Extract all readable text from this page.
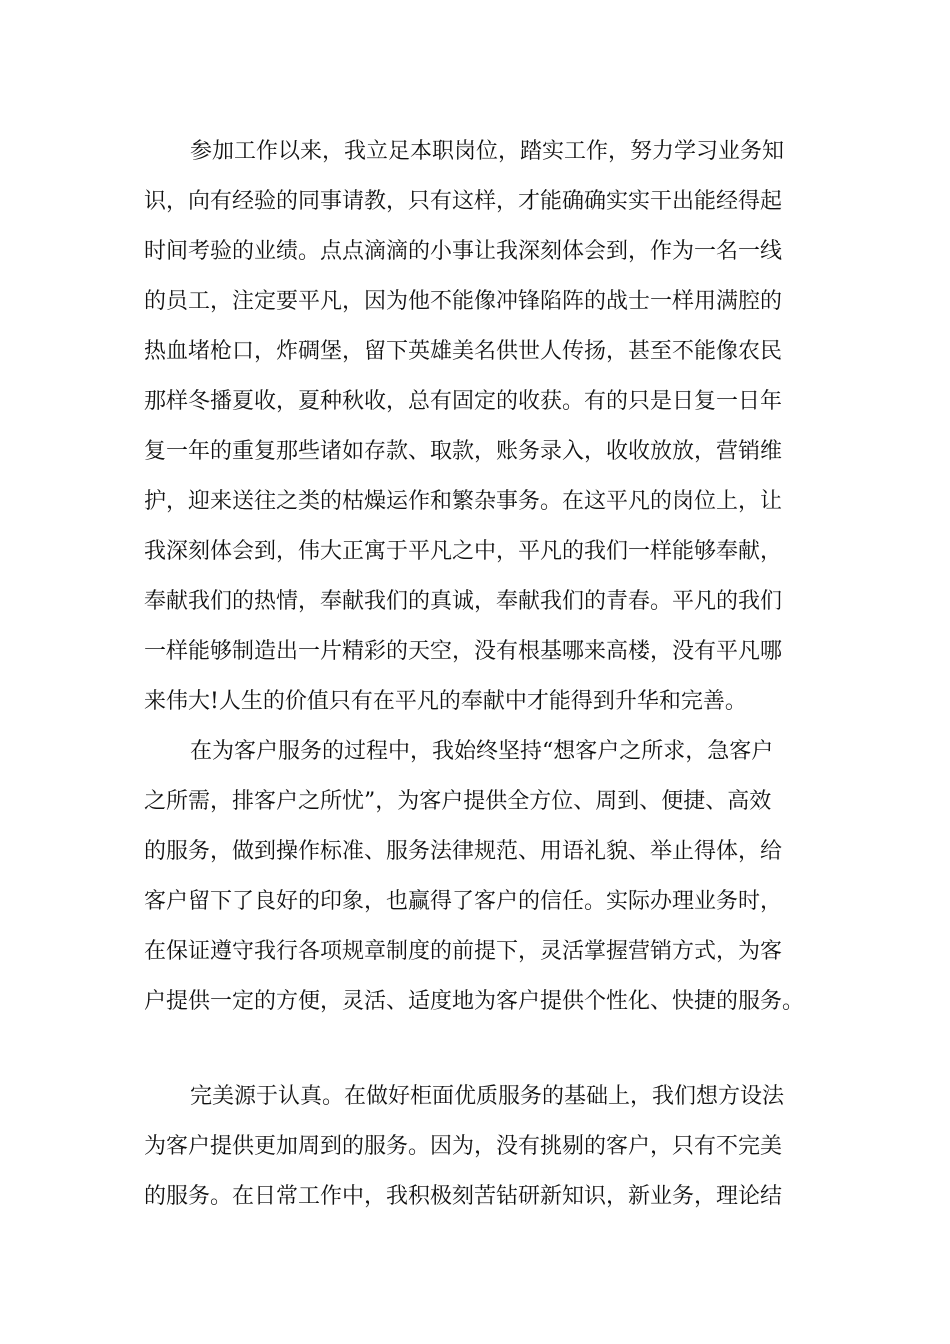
参加工作以来，我立足本职岗位，踏实工作，努力学习业务知

识，向有经验的同事请教，只有这样，才能确确实实干出能经得起

时间考验的业绩。点点滴滴的小事让我深刻体会到，作为一名一线

的员工，注定要平凡，因为他不能像冲锋陷阵的战士一样用满腔的

热血堵枪口，炸碉堡，留下英雄美名供世人传扬，甚至不能像农民

那样冬播夏收，夏种秋收，总有固定的收获。有的只是日复一日年

复一年的重复那些诸如存款、取款，账务录入，收收放放，营销维

护，迎来送往之类的枯燥运作和繁杂事务。在这平凡的岗位上，让

我深刻体会到，伟大正寓于平凡之中，平凡的我们一样能够奉献，

奉献我们的热情，奉献我们的真诚，奉献我们的青春。平凡的我们

一样能够制造出一片精彩的天空，没有根基哪来高楼，没有平凡哪

来伟大!人生的价值只有在平凡的奉献中才能得到升华和完善。

在为客户服务的过程中，我始终坚持“想客户之所求，急客户

之所需，排客户之所忧”，为客户提供全方位、周到、便捷、高效

的服务，做到操作标准、服务法律规范、用语礼貌、举止得体，给

客户留下了良好的印象，也赢得了客户的信任。实际办理业务时，

在保证遵守我行各项规章制度的前提下，灵活掌握营销方式，为客

户提供一定的方便，灵活、适度地为客户提供个性化、快捷的服务。

完美源于认真。在做好柜面优质服务的基础上，我们想方设法

为客户提供更加周到的服务。因为，没有挑剔的客户，只有不完美

的服务。在日常工作中，我积极刻苦钻研新知识，新业务，理论结
